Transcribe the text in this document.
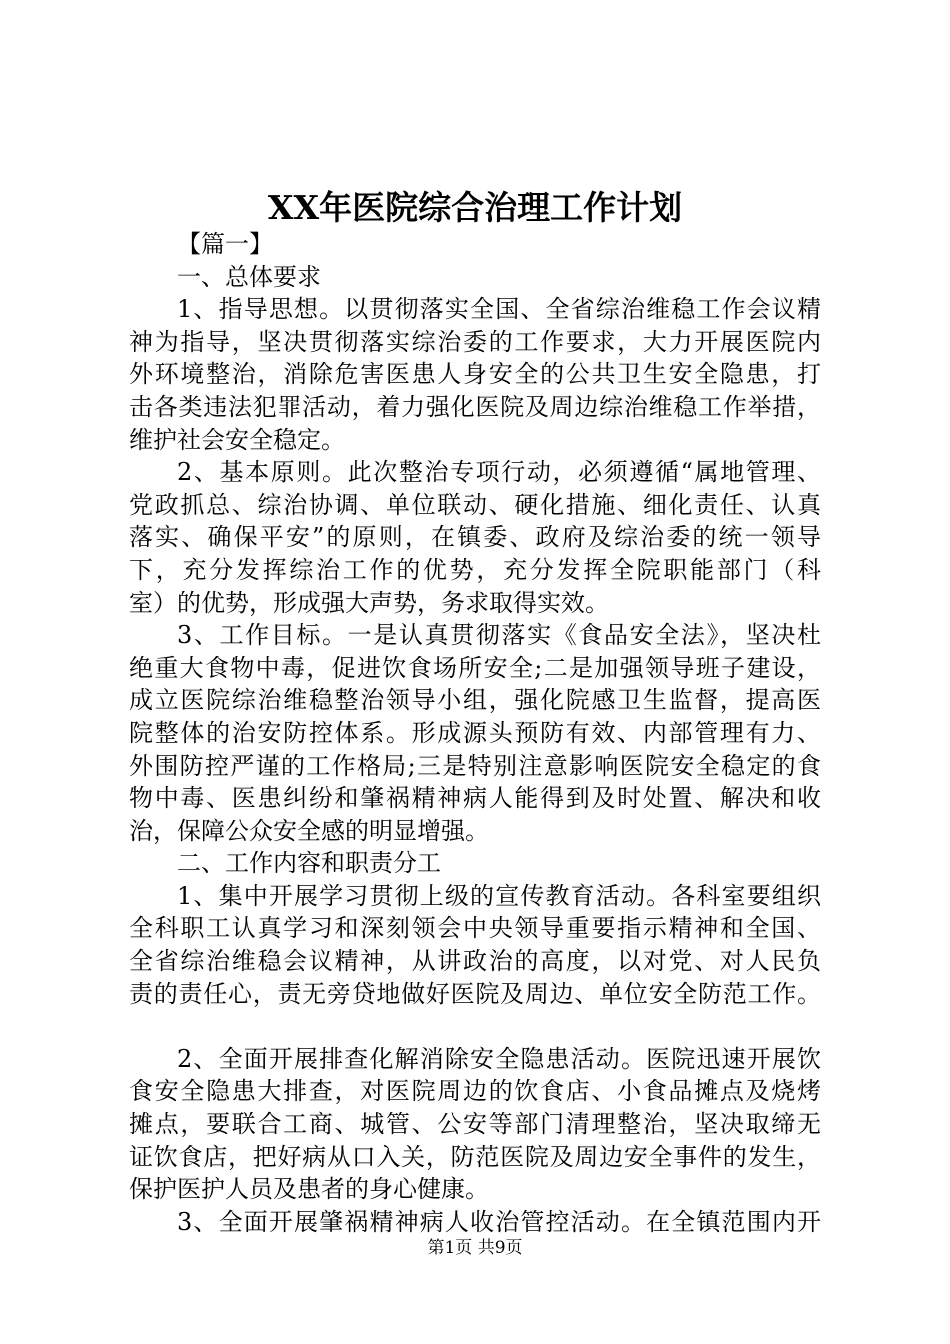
XX年医院综合治理工作计划
【篇一】
一、总体要求
1、指导思想。以贯彻落实全国、全省综治维稳工作会议精
神为指导，坚决贯彻落实综治委的工作要求，大力开展医院内
外环境整治，消除危害医患人身安全的公共卫生安全隐患，打
击各类违法犯罪活动，着力强化医院及周边综治维稳工作举措，
维护社会安全稳定。
2、基本原则。此次整治专项行动，必须遵循“属地管理、
党政抓总、综治协调、单位联动、硬化措施、细化责任、认真
落实、确保平安”的原则，在镇委、政府及综治委的统一领导
下，充分发挥综治工作的优势，充分发挥全院职能部门（科
室）的优势，形成强大声势，务求取得实效。
3、工作目标。一是认真贯彻落实《食品安全法》，坚决杜
绝重大食物中毒，促进饮食场所安全;二是加强领导班子建设，
成立医院综治维稳整治领导小组，强化院感卫生监督，提高医
院整体的治安防控体系。形成源头预防有效、内部管理有力、
外围防控严谨的工作格局;三是特别注意影响医院安全稳定的食
物中毒、医患纠纷和肇祸精神病人能得到及时处置、解决和收
治，保障公众安全感的明显增强。
二、工作内容和职责分工
1、集中开展学习贯彻上级的宣传教育活动。各科室要组织
全科职工认真学习和深刻领会中央领导重要指示精神和全国、
全省综治维稳会议精神，从讲政治的高度，以对党、对人民负
责的责任心，责无旁贷地做好医院及周边、单位安全防范工作。
2、全面开展排查化解消除安全隐患活动。医院迅速开展饮
食安全隐患大排查，对医院周边的饮食店、小食品摊点及烧烤
摊点，要联合工商、城管、公安等部门清理整治，坚决取缔无
证饮食店，把好病从口入关，防范医院及周边安全事件的发生，
保护医护人员及患者的身心健康。
3、全面开展肇祸精神病人收治管控活动。在全镇范围内开
第1页 共9页
